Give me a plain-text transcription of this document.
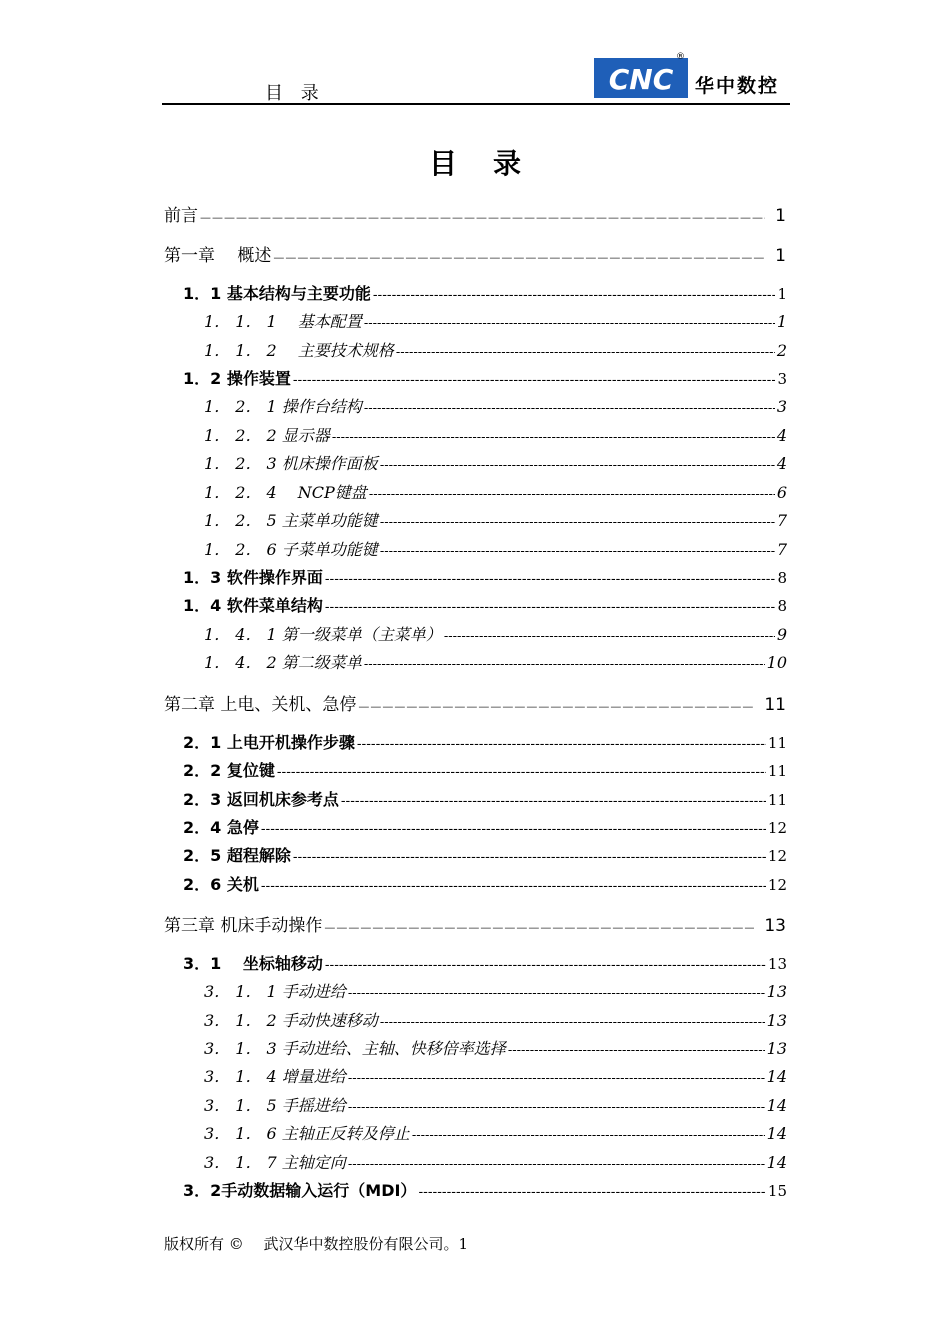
目 录	CNC
®
华中数控
目录
前言 —————	1
第一章　 概述 —————	1
1．1 基本结构与主要功能 -----	1
1． 1． 1 　基本配置 -----	1
1． 1． 2 　主要技术规格 -----	2
1．2 操作装置 -----	3
1． 2． 1 操作台结构 -----	3
1． 2． 2 显示器 -----	4
1． 2． 3 机床操作面板 -----	4
1． 2． 4 　NCP键盘 -----	6
1． 2． 5 主菜单功能键 -----	7
1． 2． 6 子菜单功能键 -----	7
1．3 软件操作界面 -----	8
1．4 软件菜单结构 -----	8
1． 4． 1 第一级菜单（主菜单） -----	9
1． 4． 2 第二级菜单 -----	10
第二章 上电、关机、急停 —————	11
2．1 上电开机操作步骤 -----	11
2．2 复位键 -----	11
2．3 返回机床参考点 -----	11
2．4 急停 -----	12
2．5 超程解除 -----	12
2．6 关机 -----	12
第三章 机床手动操作 —————	13
3．1 　坐标轴移动 -----	13
3． 1． 1 手动进给 -----	13
3． 1． 2 手动快速移动 -----	13
3． 1． 3 手动进给、主轴、快移倍率选择 -----	13
3． 1． 4 增量进给 -----	14
3． 1． 5 手摇进给 -----	14
3． 1． 6 主轴正反转及停止 -----	14
3． 1． 7 主轴定向 -----	14
3．2手动数据输入运行（MDI） -----	15
版权所有 ©　 武汉华中数控股份有限公司。1
